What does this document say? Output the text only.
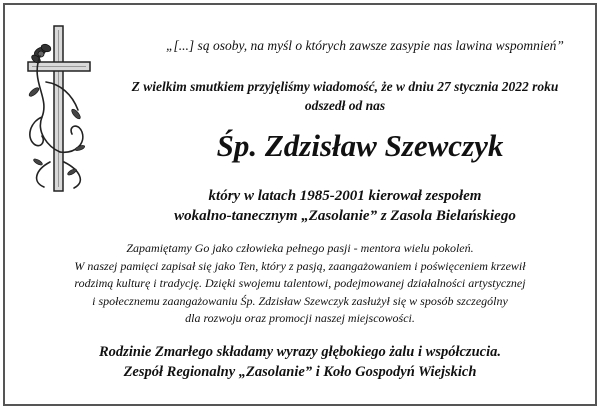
„[...] są osoby, na myśl o których zawsze zasypie nas lawina wspomnień”
Z wielkim smutkiem przyjęliśmy wiadomość, że w dniu 27 stycznia 2022 roku
odszedł od nas
Śp. Zdzisław Szewczyk
który w latach 1985-2001 kierował zespołem
wokalno-tanecznym „Zasolanie” z Zasola Bielańskiego
Zapamiętamy Go jako człowieka pełnego pasji - mentora wielu pokoleń.
W naszej pamięci zapisał się jako Ten, który z pasją, zaangażowaniem i poświęceniem krzewił
rodzimą kulturę i tradycję. Dzięki swojemu talentowi, podejmowanej działalności artystycznej
i społecznemu zaangażowaniu Śp. Zdzisław Szewczyk zasłużył się w sposób szczególny
dla rozwoju oraz promocji naszej miejscowości.
Rodzinie Zmarłego składamy wyrazy głębokiego żalu i współczucia.
Zespół Regionalny „Zasolanie” i Koło Gospodyń Wiejskich
